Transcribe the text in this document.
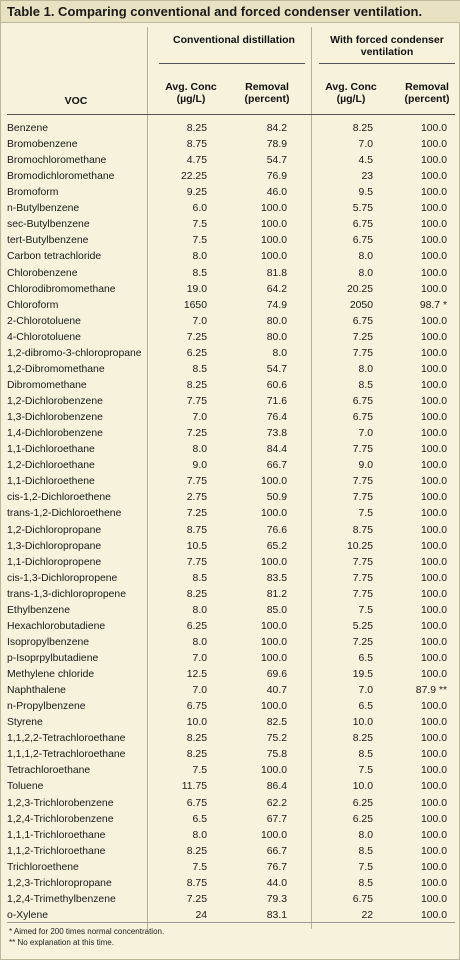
Table 1. Comparing conventional and forced condenser ventilation.
Conventional distillation	With forced condenser ventilation
VOC
Avg. Conc (µg/L)
Removal (percent)
Avg. Conc (µg/L)
Removal (percent)
Benzene	8.25	84.2	8.25	100.0
Bromobenzene	8.75	78.9	7.0	100.0
Bromochloromethane	4.75	54.7	4.5	100.0
Bromodichloromethane	22.25	76.9	23	100.0
Bromoform	9.25	46.0	9.5	100.0
n-Butylbenzene	6.0	100.0	5.75	100.0
sec-Butylbenzene	7.5	100.0	6.75	100.0
tert-Butylbenzene	7.5	100.0	6.75	100.0
Carbon tetrachloride	8.0	100.0	8.0	100.0
Chlorobenzene	8.5	81.8	8.0	100.0
Chlorodibromomethane	19.0	64.2	20.25	100.0
Chloroform	1650	74.9	2050	98.7 *
2-Chlorotoluene	7.0	80.0	6.75	100.0
4-Chlorotoluene	7.25	80.0	7.25	100.0
1,2-dibromo-3-chloropropane	6.25	8.0	7.75	100.0
1,2-Dibromomethane	8.5	54.7	8.0	100.0
Dibromomethane	8.25	60.6	8.5	100.0
1,2-Dichlorobenzene	7.75	71.6	6.75	100.0
1,3-Dichlorobenzene	7.0	76.4	6.75	100.0
1,4-Dichlorobenzene	7.25	73.8	7.0	100.0
1,1-Dichloroethane	8.0	84.4	7.75	100.0
1,2-Dichloroethane	9.0	66.7	9.0	100.0
1,1-Dichloroethene	7.75	100.0	7.75	100.0
cis-1,2-Dichloroethene	2.75	50.9	7.75	100.0
trans-1,2-Dichloroethene	7.25	100.0	7.5	100.0
1,2-Dichloropropane	8.75	76.6	8.75	100.0
1,3-Dichloropropane	10.5	65.2	10.25	100.0
1,1-Dichloropropene	7.75	100.0	7.75	100.0
cis-1,3-Dichloropropene	8.5	83.5	7.75	100.0
trans-1,3-dichloropropene	8.25	81.2	7.75	100.0
Ethylbenzene	8.0	85.0	7.5	100.0
Hexachlorobutadiene	6.25	100.0	5.25	100.0
Isopropylbenzene	8.0	100.0	7.25	100.0
p-Isoprpylbutadiene	7.0	100.0	6.5	100.0
Methylene chloride	12.5	69.6	19.5	100.0
Naphthalene	7.0	40.7	7.0	87.9 **
n-Propylbenzene	6.75	100.0	6.5	100.0
Styrene	10.0	82.5	10.0	100.0
1,1,2,2-Tetrachloroethane	8.25	75.2	8.25	100.0
1,1,1,2-Tetrachloroethane	8.25	75.8	8.5	100.0
Tetrachloroethane	7.5	100.0	7.5	100.0
Toluene	11.75	86.4	10.0	100.0
1,2,3-Trichlorobenzene	6.75	62.2	6.25	100.0
1,2,4-Trichlorobenzene	6.5	67.7	6.25	100.0
1,1,1-Trichloroethane	8.0	100.0	8.0	100.0
1,1,2-Trichloroethane	8.25	66.7	8.5	100.0
Trichloroethene	7.5	76.7	7.5	100.0
1,2,3-Trichloropropane	8.75	44.0	8.5	100.0
1,2,4-Trimethylbenzene	7.25	79.3	6.75	100.0
o-Xylene	24	83.1	22	100.0
* Aimed for 200 times normal concentration.
** No explanation at this time.
